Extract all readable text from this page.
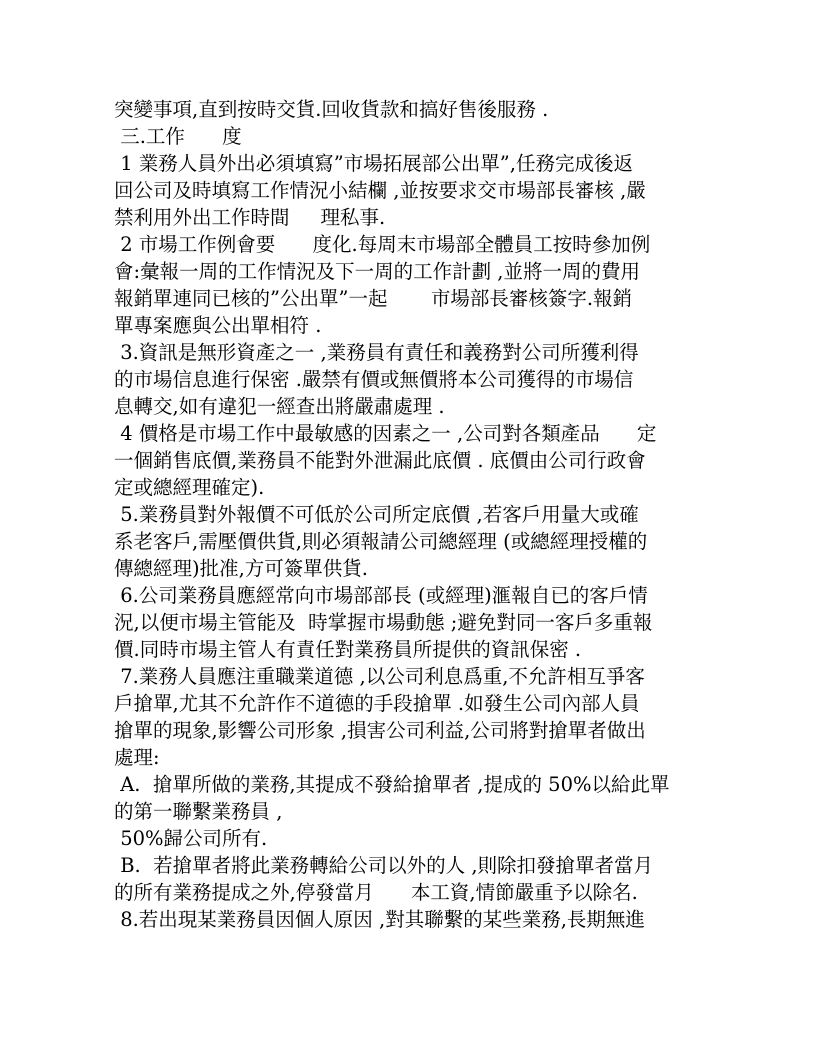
突變事項,直到按時交貨.回收貨款和搞好售後服務 .
三.工作      度
1 業務人員外出必須填寫”市場拓展部公出單”,任務完成後返
回公司及時填寫工作情況小結欄 ,並按要求交市場部長審核 ,嚴
禁利用外出工作時間     理私事.
2 市場工作例會要      度化.每周末市場部全體員工按時參加例
會:彙報一周的工作情況及下一周的工作計劃 ,並將一周的費用
報銷單連同已核的”公出單”一起       市場部長審核簽字.報銷
單專案應與公出單相符 .
3.資訊是無形資產之一 ,業務員有責任和義務對公司所獲利得
的市場信息進行保密 .嚴禁有價或無價將本公司獲得的市場信
息轉交,如有違犯一經查出將嚴肅處理 .
4 價格是市場工作中最敏感的因素之一 ,公司對各類產品      定
一個銷售底價,業務員不能對外泄漏此底價 . 底價由公司行政會
定或總經理確定).
5.業務員對外報價不可低於公司所定底價 ,若客戶用量大或確
系老客戶,需壓價供貨,則必須報請公司總經理 (或總經理授權的
傳總經理)批准,方可簽單供貨.
6.公司業務員應經常向市場部部長 (或經理)滙報自已的客戶情
況,以便市場主管能及  時掌握市場動態 ;避免對同一客戶多重報
價.同時市場主管人有責任對業務員所提供的資訊保密 .
7.業務人員應注重職業道德 ,以公司利息爲重,不允許相互爭客
戶搶單,尤其不允許作不道德的手段搶單 .如發生公司內部人員
搶單的現象,影響公司形象 ,損害公司利益,公司將對搶單者做出
處理:
A.  搶單所做的業務,其提成不發給搶單者 ,提成的 50%以給此單
的第一聯繫業務員 ,
50%歸公司所有.
B.  若搶單者將此業務轉給公司以外的人 ,則除扣發搶單者當月
的所有業務提成之外,停發當月      本工資,情節嚴重予以除名.
8.若出現某業務員因個人原因 ,對其聯繫的某些業務,長期無進
